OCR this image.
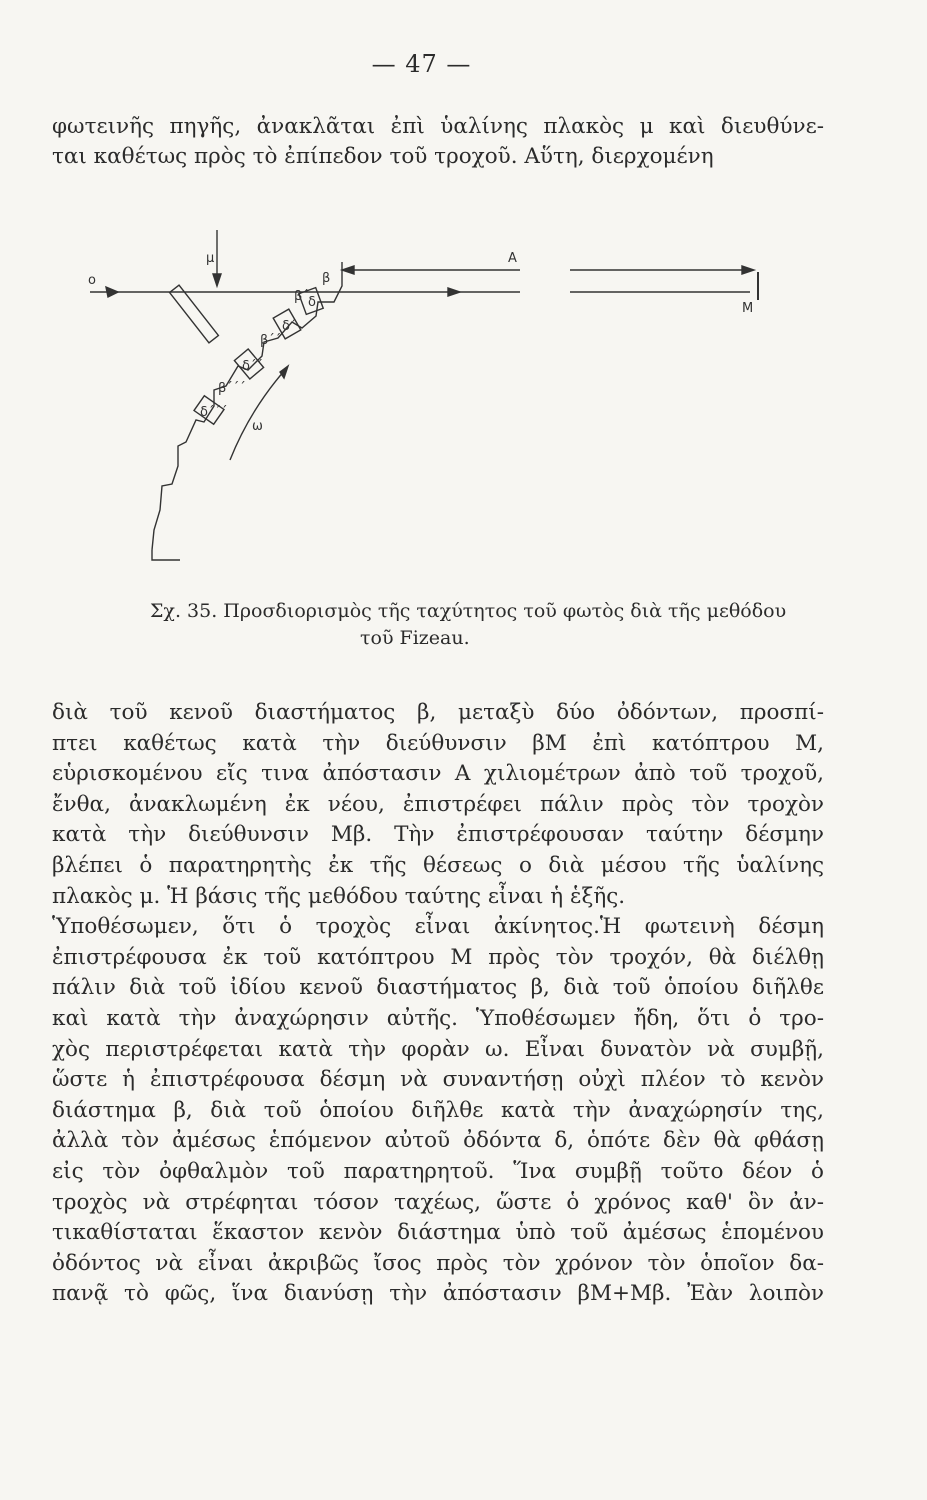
— 47 —
φωτεινῆς πηγῆς, ἀνακλᾶται ἐπὶ ὑαλίνης πλακὸς μ καὶ διευθύνε-
ται καθέτως πρὸς τὸ ἐπίπεδον τοῦ τροχοῦ. Αὕτη, διερχομένη
o
μ
β
A
M
δ
β΄
δ΄
β΄΄
δ΄΄
β΄΄΄
δ΄΄΄
ω
Σχ. 35. Προσδιορισμὸς τῆς ταχύτητος τοῦ φωτὸς διὰ τῆς μεθόδου
τοῦ Fizeau.
διὰ τοῦ κενοῦ διαστήματος β, μεταξὺ δύο ὀδόντων, προσπί-
πτει καθέτως κατὰ τὴν διεύθυνσιν βΜ ἐπὶ κατόπτρου Μ,
εὑρισκομένου εἴς τινα ἀπόστασιν Α χιλιομέτρων ἀπὸ τοῦ τροχοῦ,
ἔνθα, ἀνακλωμένη ἐκ νέου, ἐπιστρέφει πάλιν πρὸς τὸν τροχὸν
κατὰ τὴν διεύθυνσιν Μβ. Τὴν ἐπιστρέφουσαν ταύτην δέσμην
βλέπει ὁ παρατηρητὴς ἐκ τῆς θέσεως ο διὰ μέσου τῆς ὑαλίνης
πλακὸς μ. Ἡ βάσις τῆς μεθόδου ταύτης εἶναι ἡ ἑξῆς.
Ὑποθέσωμεν, ὅτι ὁ τροχὸς εἶναι ἀκίνητος.Ἡ φωτεινὴ δέσμη
ἐπιστρέφουσα ἐκ τοῦ κατόπτρου Μ πρὸς τὸν τροχόν, θὰ διέλθῃ
πάλιν διὰ τοῦ ἰδίου κενοῦ διαστήματος β, διὰ τοῦ ὁποίου διῆλθε
καὶ κατὰ τὴν ἀναχώρησιν αὐτῆς. Ὑποθέσωμεν ἤδη, ὅτι ὁ τρο-
χὸς περιστρέφεται κατὰ τὴν φορὰν ω. Εἶναι δυνατὸν νὰ συμβῇ,
ὥστε ἡ ἐπιστρέφουσα δέσμη νὰ συναντήσῃ οὐχὶ πλέον τὸ κενὸν
διάστημα β, διὰ τοῦ ὁποίου διῆλθε κατὰ τὴν ἀναχώρησίν της,
ἀλλὰ τὸν ἀμέσως ἑπόμενον αὐτοῦ ὀδόντα δ, ὁπότε δὲν θὰ φθάσῃ
εἰς τὸν ὀφθαλμὸν τοῦ παρατηρητοῦ. Ἵνα συμβῇ τοῦτο δέον ὁ
τροχὸς νὰ στρέφηται τόσον ταχέως, ὥστε ὁ χρόνος καθ' ὃν ἀν-
τικαθίσταται ἕκαστον κενὸν διάστημα ὑπὸ τοῦ ἀμέσως ἑπομένου
ὀδόντος νὰ εἶναι ἀκριβῶς ἴσος πρὸς τὸν χρόνον τὸν ὁποῖον δα-
πανᾷ τὸ φῶς, ἵνα διανύσῃ τὴν ἀπόστασιν βΜ+Μβ. Ἐὰν λοιπὸν
